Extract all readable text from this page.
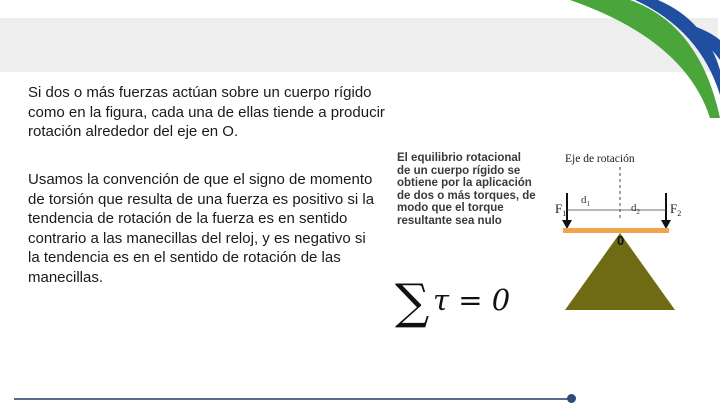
Si dos o más fuerzas actúan sobre un cuerpo rígido como en la figura, cada una de ellas tiende a producir rotación alrededor del eje en O.
Usamos la convención de que el signo de momento de torsión que resulta de una fuerza es positivo si la tendencia de rotación de la fuerza es en sentido contrario a las manecillas del reloj, y es negativo si la tendencia es en el sentido de rotación de las manecillas.
El equilibrio rotacional de un cuerpo rígido se obtiene por la aplicación de dos o más torques, de modo que el torque resultante sea nulo
Eje de rotación
$F_1$	$F_2$
$d_1$	$d_2$
0
∑ τ = 0
